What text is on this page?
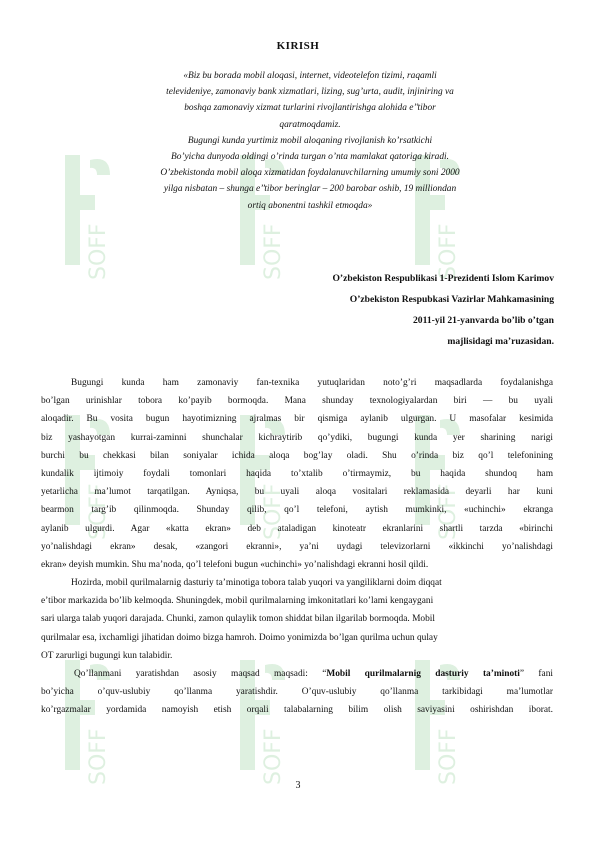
SOFF	SOFF	SOFF
SOFF	SOFF	SOFF
SOFF	SOFF	SOFF
KIRISH
«Biz bu borada mobil aloqasi, internet, videotelefon tizimi, raqamli
televideniye, zamonaviy bank xizmatlari, lizing, sug’urta, audit, injiniring va
boshqa zamonaviy xizmat turlarini rivojlantirishga alohida e’’tibor
qaratmoqdamiz.
Bugungi kunda yurtimiz mobil aloqaning rivojlanish ko’rsatkichi
Bo’yicha dunyoda oldingi o’rinda turgan o’nta mamlakat qatoriga kiradi.
O’zbekistonda mobil aloqa xizmatidan foydalanuvchilarning umumiy soni 2000
yilga nisbatan – shunga e’’tibor beringlar – 200 barobar oshib, 19 milliondan
ortiq abonentni tashkil etmoqda»
O’zbekiston Respublikasi 1-Prezidenti Islom Karimov
O’zbekiston Respubkasi Vazirlar Mahkamasining
2011-yil 21-yanvarda bo’lib o’tgan
majlisidagi ma’ruzasidan.
Bugungi kunda ham zamonaviy fan-texnika yutuqlaridan noto’g’ri maqsadlarda foydalanishga
bo’lgan urinishlar tobora ko’payib bormoqda. Mana shunday texnologiyalardan biri — bu uyali
aloqadir. Bu vosita bugun hayotimizning ajralmas bir qismiga aylanib ulgurgan. U masofalar kesimida
biz yashayotgan kurrai-zaminni shunchalar kichraytirib qo’ydiki, bugungi kunda yer sharining narigi
burchi bu chekkasi bilan soniyalar ichida aloqa bog’lay oladi. Shu o’rinda biz qo’l telefonining
kundalik ijtimoiy foydali tomonlari haqida to’xtalib o’tirmaymiz, bu haqida shundoq ham
yetarlicha ma’lumot tarqatilgan. Ayniqsa, bu uyali aloqa vositalari reklamasida deyarli har kuni
bearmon targ’ib qilinmoqda. Shunday qilib, qo’l telefoni, aytish mumkinki, «uchinchi» ekranga
aylanib ulgurdi. Agar «katta ekran» deb ataladigan kinoteatr ekranlarini shartli tarzda «birinchi
yo’nalishdagi ekran» desak, «zangori ekranni», ya’ni uydagi televizorlarni «ikkinchi yo’nalishdagi
ekran» deyish mumkin. Shu ma’noda, qo’l telefoni bugun «uchinchi» yo’nalishdagi ekranni hosil qildi.
Hozirda, mobil qurilmalarnig dasturiy ta’minotiga tobora talab yuqori va yangiliklarni doim diqqat
e’tibor markazida bo’lib kelmoqda. Shuningdek, mobil qurilmalarning imkonitatlari ko’lami kengaygani
sari ularga talab yuqori darajada. Chunki, zamon qulaylik tomon shiddat bilan ilgarilab bormoqda. Mobil
qurilmalar esa, ixchamligi jihatidan doimo bizga hamroh. Doimo yonimizda bo’lgan qurilma uchun qulay
OT zarurligi bugungi kun talabidir.
Qo’llanmani yaratishdan asosiy maqsad maqsadi: “Mobil qurilmalarnig dasturiy ta’minoti” fani
bo’yicha o’quv-uslubiy qo’llanma yaratishdir. O’quv-uslubiy qo’llanma tarkibidagi ma’lumotlar
ko’rgazmalar yordamida namoyish etish orqali talabalarning bilim olish saviyasini oshirishdan iborat.
3
